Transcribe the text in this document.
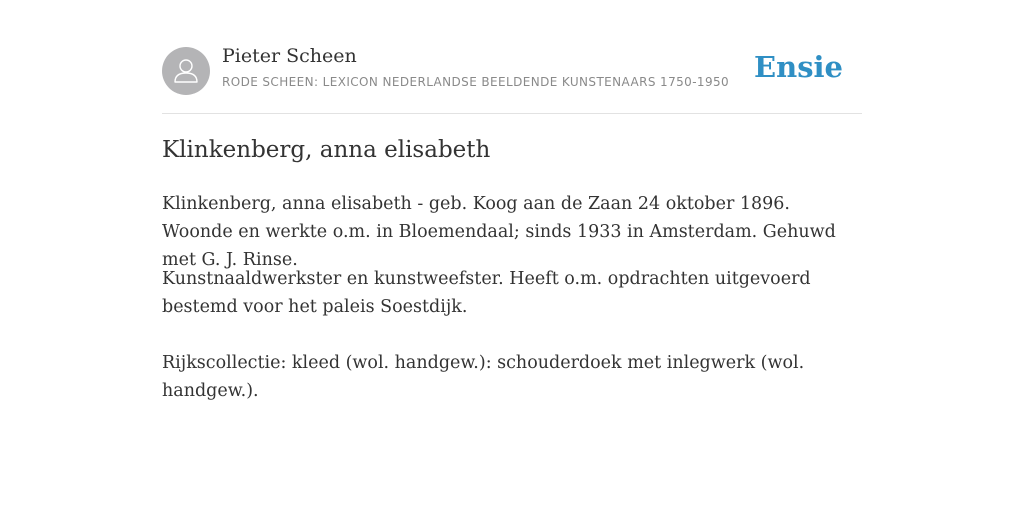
Pieter Scheen
RODE SCHEEN: LEXICON NEDERLANDSE BEELDENDE KUNSTENAARS 1750-1950 Ensie
Klinkenberg, anna elisabeth

Klinkenberg, anna elisabeth - geb. Koog aan de Zaan 24 oktober 1896. Woonde en werkte o.m. in Bloemendaal; sinds 1933 in Amsterdam. Gehuwd met G. J. Rinse.

Kunstnaaldwerkster en kunstweefster. Heeft o.m. opdrachten uitgevoerd bestemd voor het paleis Soestdijk.

Rijkscollectie: kleed (wol. handgew.): schouderdoek met inlegwerk (wol. handgew.).
